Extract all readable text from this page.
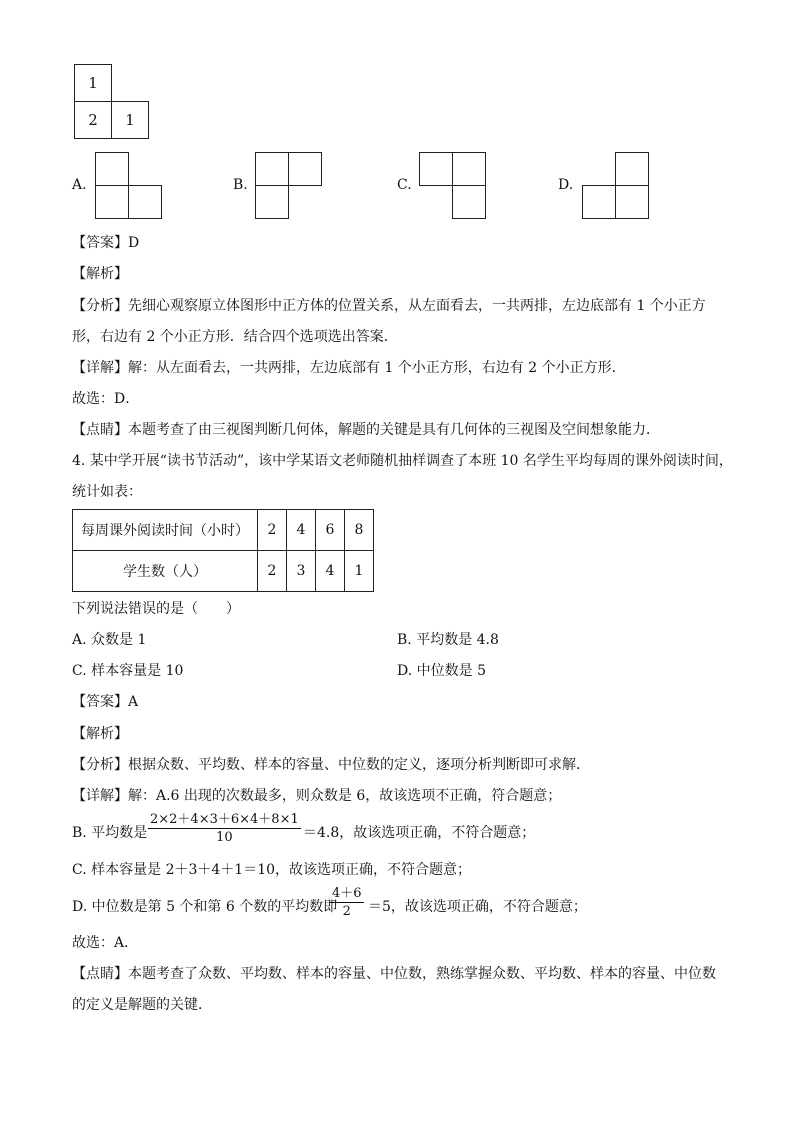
1
2	1
A.	B.	C.	D.
【答案】D
【解析】
【分析】先细心观察原立体图形中正方体的位置关系，从左面看去，一共两排，左边底部有 1 个小正方
形，右边有 2 个小正方形．结合四个选项选出答案．
【详解】解：从左面看去，一共两排，左边底部有 1 个小正方形，右边有 2 个小正方形．
故选：D．
【点睛】本题考查了由三视图判断几何体，解题的关键是具有几何体的三视图及空间想象能力．
4. 某中学开展“读书节活动”，该中学某语文老师随机抽样调查了本班 10 名学生平均每周的课外阅读时间，
统计如表：
每周课外阅读时间（小时）	2	4	6	8
学生数（人）	2	3	4	1
下列说法错误的是（　　）
A. 众数是 1	B. 平均数是 4.8
C. 样本容量是 10	D. 中位数是 5
【答案】A
【解析】
【分析】根据众数、平均数、样本的容量、中位数的定义，逐项分析判断即可求解．
【详解】解：A.6 出现的次数最多，则众数是 6，故该选项不正确，符合题意；
B. 平均数是 $\frac{2\times 2+4\times 3+6\times 4+8\times 1}{10} =4.8$，故该选项正确，不符合题意；
C. 样本容量是 2＋3＋4＋1＝10，故该选项正确，不符合题意；
D. 中位数是第 5 个和第 6 个数的平均数即
$\frac{4+6}{2} =5$，故该选项正确，不符合题意；
故选：A．
【点睛】本题考查了众数、平均数、样本的容量、中位数，熟练掌握众数、平均数、样本的容量、中位数
的定义是解题的关键．
